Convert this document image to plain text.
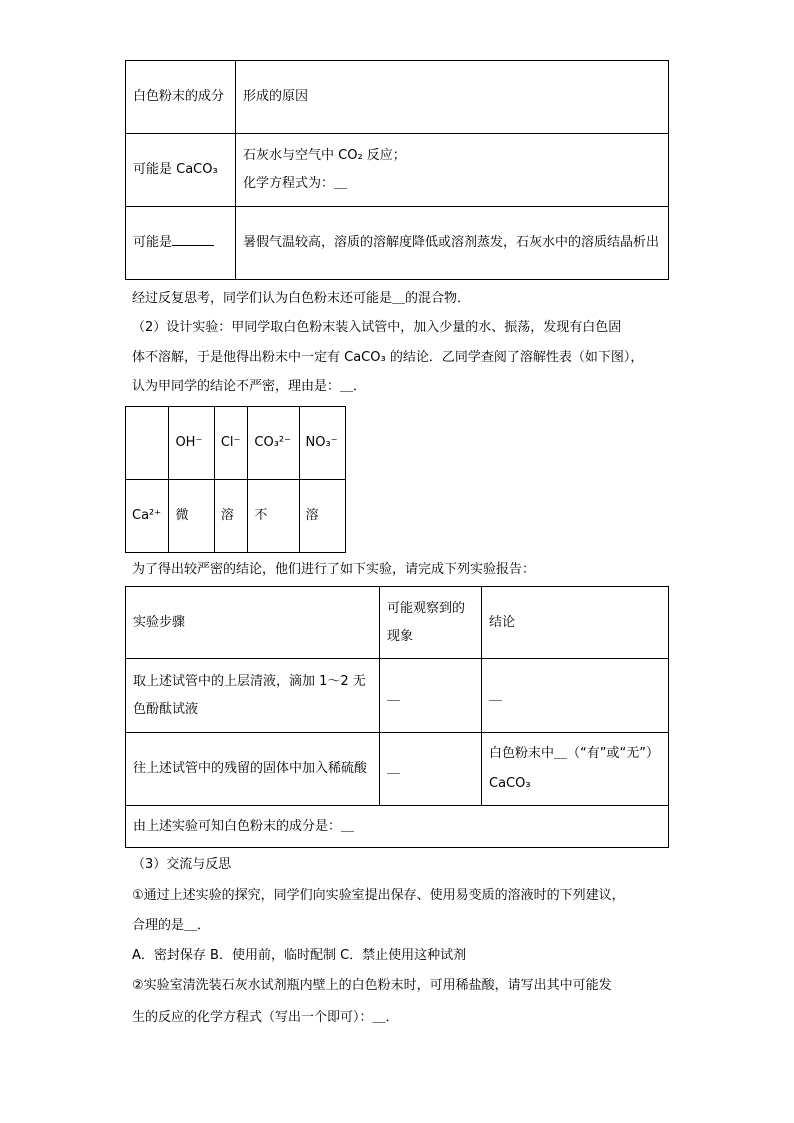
白色粉末的成分	形成的原因
可能是 CaCO₃	石灰水与空气中 CO₂ 反应；
化学方程式为：＿

可能是	暑假气温较高，溶质的溶解度降低或溶剂蒸发，石灰水中的溶质结晶析出

经过反复思考，同学们认为白色粉末还可能是＿的混合物．

（2）设计实验：甲同学取白色粉末装入试管中，加入少量的水、振荡，发现有白色固

体不溶解，于是他得出粉末中一定有 CaCO₃ 的结论．乙同学查阅了溶解性表（如下图），

认为甲同学的结论不严密，理由是：＿．

	OH⁻	Cl⁻	CO₃²⁻	NO₃⁻

Ca²⁺	微	溶	不	溶

为了得出较严密的结论，他们进行了如下实验，请完成下列实验报告：

实验步骤	可能观察到的现象	结论
取上述试管中的上层清液，滴加 1～2 无色酚酞试液	＿	＿
往上述试管中的残留的固体中加入稀硫酸	＿	白色粉末中＿（“有”或“无”）
CaCO₃

由上述实验可知白色粉末的成分是：＿		

（3）交流与反思

①通过上述实验的探究，同学们向实验室提出保存、使用易变质的溶液时的下列建议，

合理的是＿．

A．密封保存 B．使用前，临时配制 C．禁止使用这种试剂

②实验室清洗装石灰水试剂瓶内壁上的白色粉末时，可用稀盐酸，请写出其中可能发

生的反应的化学方程式（写出一个即可）：＿．
